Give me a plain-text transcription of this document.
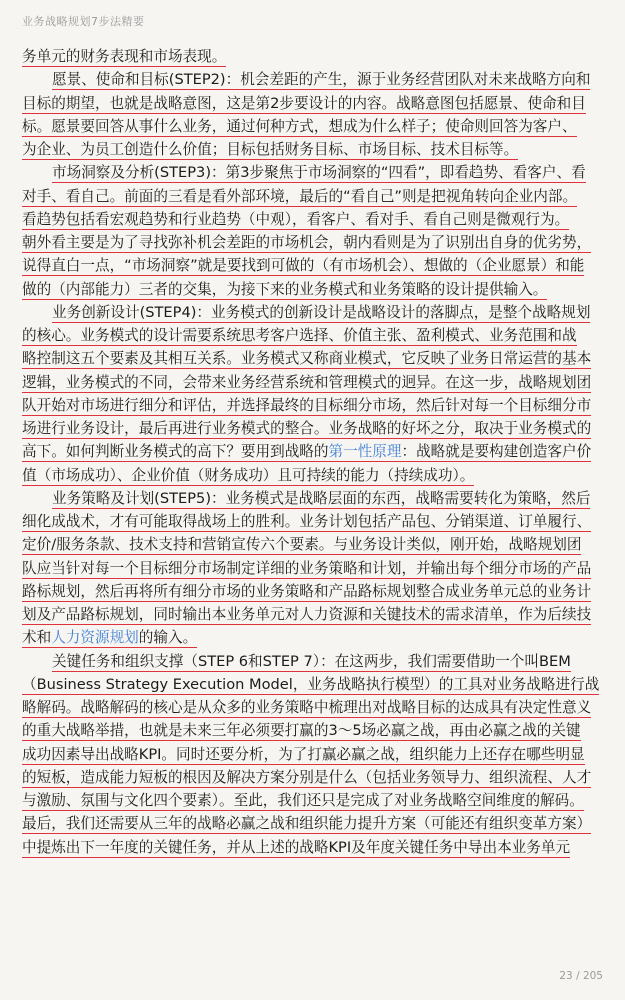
业务战略规划7步法精要
务单元的财务表现和市场表现。
愿景、使命和目标(STEP2)：机会差距的产生，源于业务经营团队对未来战略方向和
目标的期望，也就是战略意图，这是第2步要设计的内容。战略意图包括愿景、使命和目
标。愿景要回答从事什么业务，通过何种方式，想成为什么样子；使命则回答为客户、
为企业、为员工创造什么价值；目标包括财务目标、市场目标、技术目标等。
市场洞察及分析(STEP3)：第3步聚焦于市场洞察的“四看”，即看趋势、看客户、看
对手、看自己。前面的三看是看外部环境，最后的“看自己”则是把视角转向企业内部。
看趋势包括看宏观趋势和行业趋势（中观），看客户、看对手、看自己则是微观行为。
朝外看主要是为了寻找弥补机会差距的市场机会，朝内看则是为了识别出自身的优劣势，
说得直白一点，“市场洞察”就是要找到可做的（有市场机会）、想做的（企业愿景）和能
做的（内部能力）三者的交集，为接下来的业务模式和业务策略的设计提供输入。
业务创新设计(STEP4)：业务模式的创新设计是战略设计的落脚点，是整个战略规划
的核心。业务模式的设计需要系统思考客户选择、价值主张、盈利模式、业务范围和战
略控制这五个要素及其相互关系。业务模式又称商业模式，它反映了业务日常运营的基本
逻辑，业务模式的不同，会带来业务经营系统和管理模式的迥异。在这一步，战略规划团
队开始对市场进行细分和评估，并选择最终的目标细分市场，然后针对每一个目标细分市
场进行业务设计，最后再进行业务模式的整合。业务战略的好坏之分，取决于业务模式的
高下。如何判断业务模式的高下？要用到战略的第一性原理：战略就是要构建创造客户价
值（市场成功）、企业价值（财务成功）且可持续的能力（持续成功）。
业务策略及计划(STEP5)：业务模式是战略层面的东西，战略需要转化为策略，然后
细化成战术，才有可能取得战场上的胜利。业务计划包括产品包、分销渠道、订单履行、
定价/服务条款、技术支持和营销宣传六个要素。与业务设计类似，刚开始，战略规划团
队应当针对每一个目标细分市场制定详细的业务策略和计划，并输出每个细分市场的产品
路标规划，然后再将所有细分市场的业务策略和产品路标规划整合成业务单元总的业务计
划及产品路标规划，同时输出本业务单元对人力资源和关键技术的需求清单，作为后续技
术和人力资源规划的输入。
关键任务和组织支撑（STEP 6和STEP 7）：在这两步，我们需要借助一个叫BEM
（Business Strategy Execution Model，业务战略执行模型）的工具对业务战略进行战
略解码。战略解码的核心是从众多的业务策略中梳理出对战略目标的达成具有决定性意义
的重大战略举措，也就是未来三年必须要打赢的3～5场必赢之战，再由必赢之战的关键
成功因素导出战略KPI。同时还要分析，为了打赢必赢之战，组织能力上还存在哪些明显
的短板，造成能力短板的根因及解决方案分别是什么（包括业务领导力、组织流程、人才
与激励、氛围与文化四个要素）。至此，我们还只是完成了对业务战略空间维度的解码。
最后，我们还需要从三年的战略必赢之战和组织能力提升方案（可能还有组织变革方案）
中提炼出下一年度的关键任务，并从上述的战略KPI及年度关键任务中导出本业务单元
23 / 205
